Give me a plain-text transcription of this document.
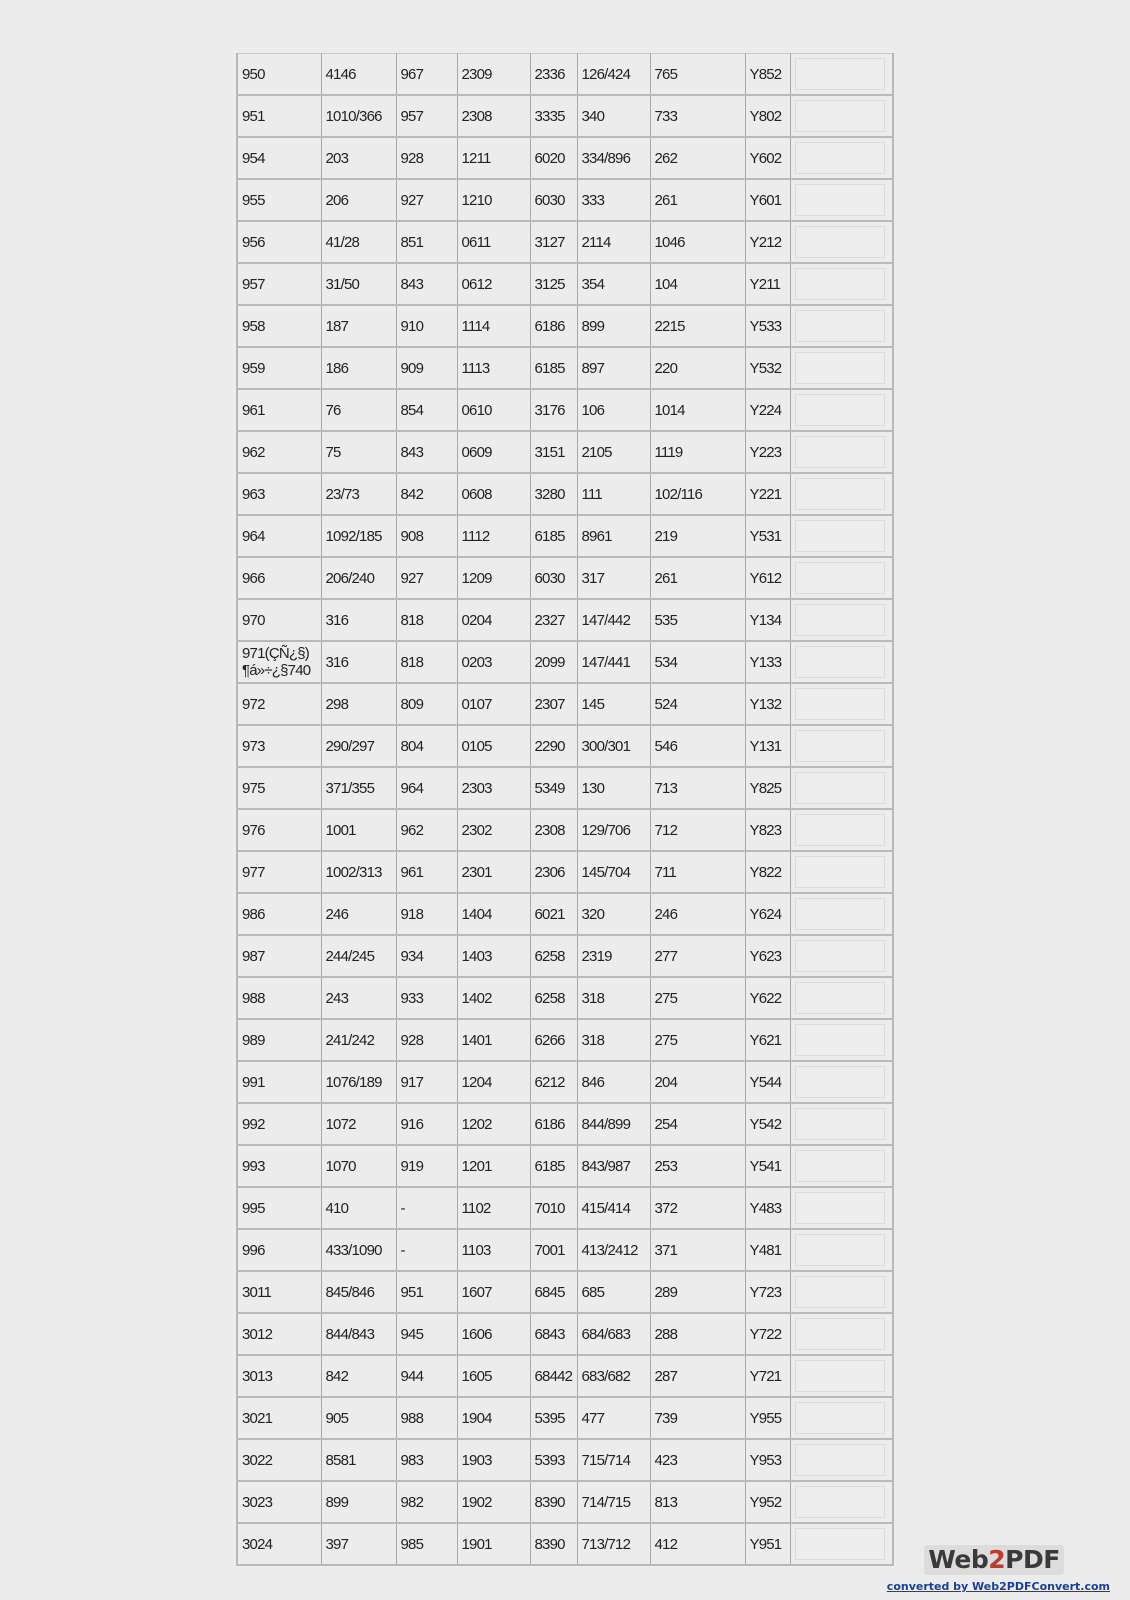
950	4146	967	2309	2336	126/424	765	Y852	

951	1010/366	957	2308	3335	340	733	Y802	

954	203	928	1211	6020	334/896	262	Y602	

955	206	927	1210	6030	333	261	Y601	

956	41/28	851	0611	3127	2114	1046	Y212	

957	31/50	843	0612	3125	354	104	Y211	

958	187	910	1114	6186	899	2215	Y533	

959	186	909	1113	6185	897	220	Y532	

961	76	854	0610	3176	106	1014	Y224	

962	75	843	0609	3151	2105	1119	Y223	

963	23/73	842	0608	3280	111	102/116	Y221	

964	1092/185	908	1112	6185	8961	219	Y531	

966	206/240	927	1209	6030	317	261	Y612	

970	316	818	0204	2327	147/442	535	Y134	

971(ÇÑ¿§) ¶á»÷¿§740	316	818	0203	2099	147/441	534	Y133	

972	298	809	0107	2307	145	524	Y132	

973	290/297	804	0105	2290	300/301	546	Y131	

975	371/355	964	2303	5349	130	713	Y825	

976	1001	962	2302	2308	129/706	712	Y823	

977	1002/313	961	2301	2306	145/704	711	Y822	

986	246	918	1404	6021	320	246	Y624	

987	244/245	934	1403	6258	2319	277	Y623	

988	243	933	1402	6258	318	275	Y622	

989	241/242	928	1401	6266	318	275	Y621	

991	1076/189	917	1204	6212	846	204	Y544	

992	1072	916	1202	6186	844/899	254	Y542	

993	1070	919	1201	6185	843/987	253	Y541	

995	410	-	1102	7010	415/414	372	Y483	

996	433/1090	-	1103	7001	413/2412	371	Y481	

3011	845/846	951	1607	6845	685	289	Y723	

3012	844/843	945	1606	6843	684/683	288	Y722	

3013	842	944	1605	68442	683/682	287	Y721	

3021	905	988	1904	5395	477	739	Y955	

3022	8581	983	1903	5393	715/714	423	Y953	

3023	899	982	1902	8390	714/715	813	Y952	

3024	397	985	1901	8390	713/712	412	Y951	
Web2PDF
converted by Web2PDFConvert.com
